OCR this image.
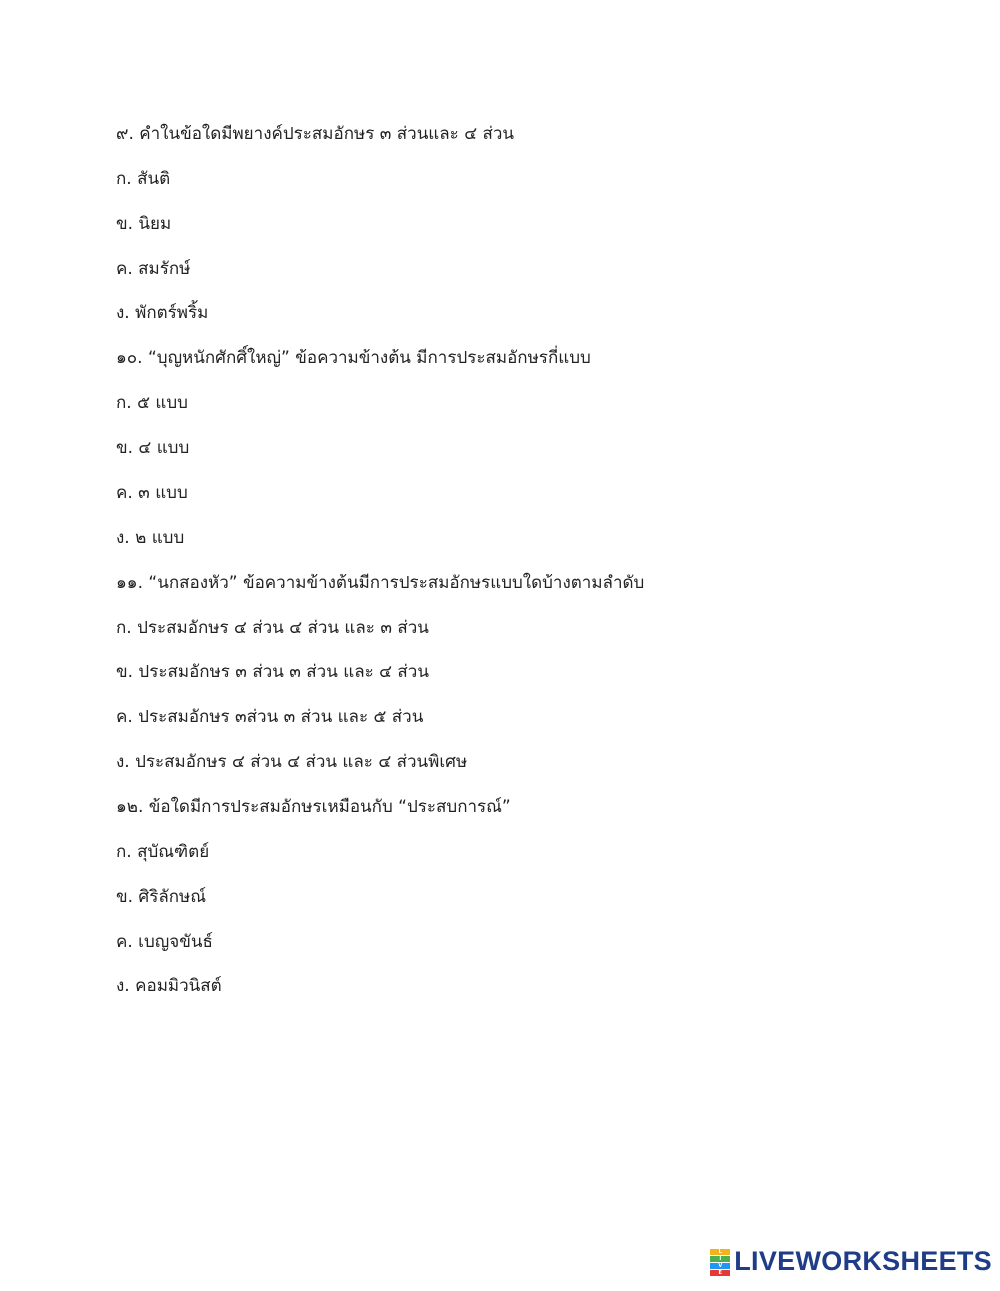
๙. คำในข้อใดมีพยางค์ประสมอักษร ๓ ส่วนและ ๔ ส่วน
ก. สันติ
ข. นิยม
ค. สมรักษ์
ง. พักตร์พริ้ม
๑๐. “บุญหนักศักศิ์ใหญ่” ข้อความข้างต้น มีการประสมอักษรกี่แบบ
ก. ๕ แบบ
ข. ๔ แบบ
ค. ๓ แบบ
ง. ๒ แบบ
๑๑. “นกสองหัว” ข้อความข้างต้นมีการประสมอักษรแบบใดบ้างตามลำดับ
ก. ประสมอักษร ๔ ส่วน ๔ ส่วน และ ๓ ส่วน
ข. ประสมอักษร ๓ ส่วน ๓ ส่วน และ ๔ ส่วน
ค. ประสมอักษร ๓ส่วน ๓ ส่วน และ ๕ ส่วน
ง. ประสมอักษร ๔ ส่วน ๔ ส่วน และ ๔ ส่วนพิเศษ
๑๒. ข้อใดมีการประสมอักษรเหมือนกับ “ประสบการณ์”
ก. สุบัณฑิตย์
ข. ศิริลักษณ์
ค. เบญจขันธ์
ง. คอมมิวนิสต์
L
I
V
E LIVEWORKSHEETS
